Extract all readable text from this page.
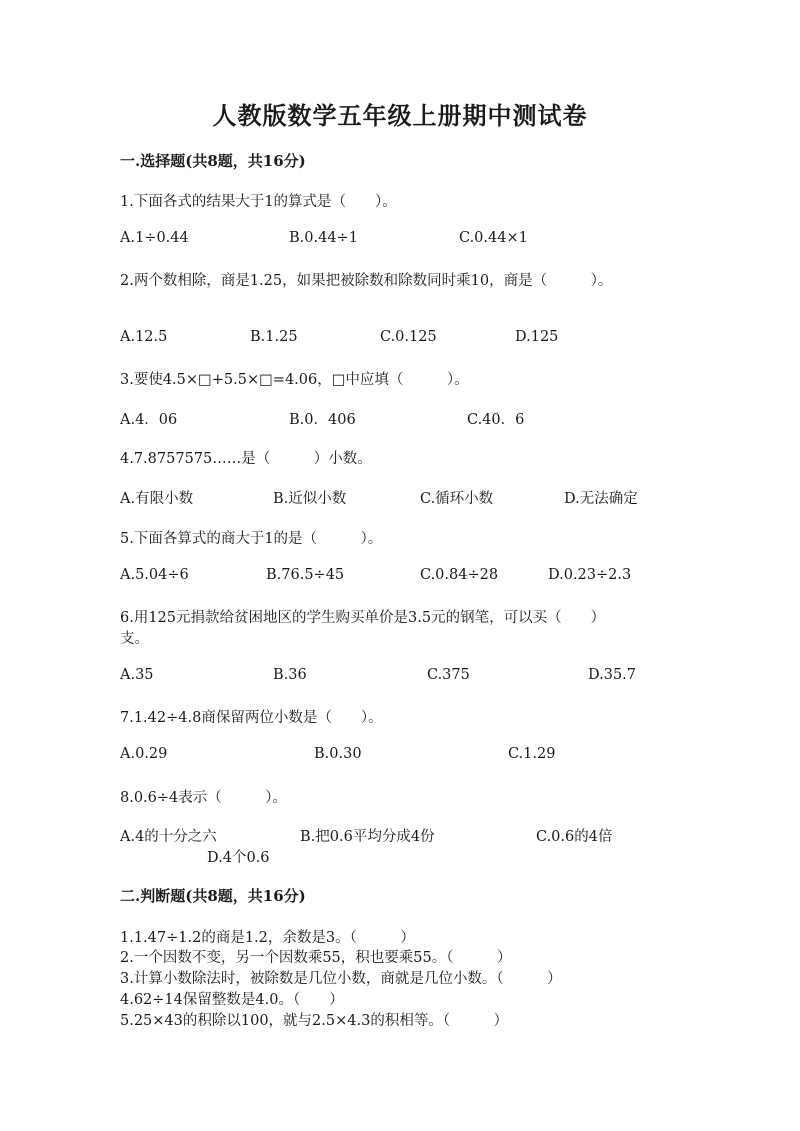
人教版数学五年级上册期中测试卷
一.选择题(共8题，共16分)
1.下面各式的结果大于1的算式是（　　）。
A.1÷0.44	B.0.44÷1	C.0.44×1
2.两个数相除，商是1.25，如果把被除数和除数同时乘10，商是（　　　）。
A.12.5	B.1.25	C.0.125	D.125
3.要使4.5×□+5.5×□=4.06，□中应填（　　　）。
A.4．06	B.0．406	C.40．6
4.7.8757575……是（　　　）小数。
A.有限小数	B.近似小数	C.循环小数	D.无法确定
5.下面各算式的商大于1的是（　　　）。
A.5.04÷6	B.76.5÷45	C.0.84÷28	D.0.23÷2.3
6.用125元捐款给贫困地区的学生购买单价是3.5元的钢笔，可以买（　　）
支。
A.35	B.36	C.375	D.35.7
7.1.42÷4.8商保留两位小数是（　　）。
A.0.29	B.0.30	C.1.29
8.0.6÷4表示（　　　）。
A.4的十分之六	B.把0.6平均分成4份	C.0.6的4倍
D.4个0.6
二.判断题(共8题，共16分)
1.1.47÷1.2的商是1.2，余数是3。（　　　）
2.一个因数不变，另一个因数乘55，积也要乘55。（　　　）
3.计算小数除法时，被除数是几位小数，商就是几位小数。（　　　）
4.62÷14保留整数是4.0。（　　）
5.25×43的积除以100，就与2.5×4.3的积相等。（　　　）
